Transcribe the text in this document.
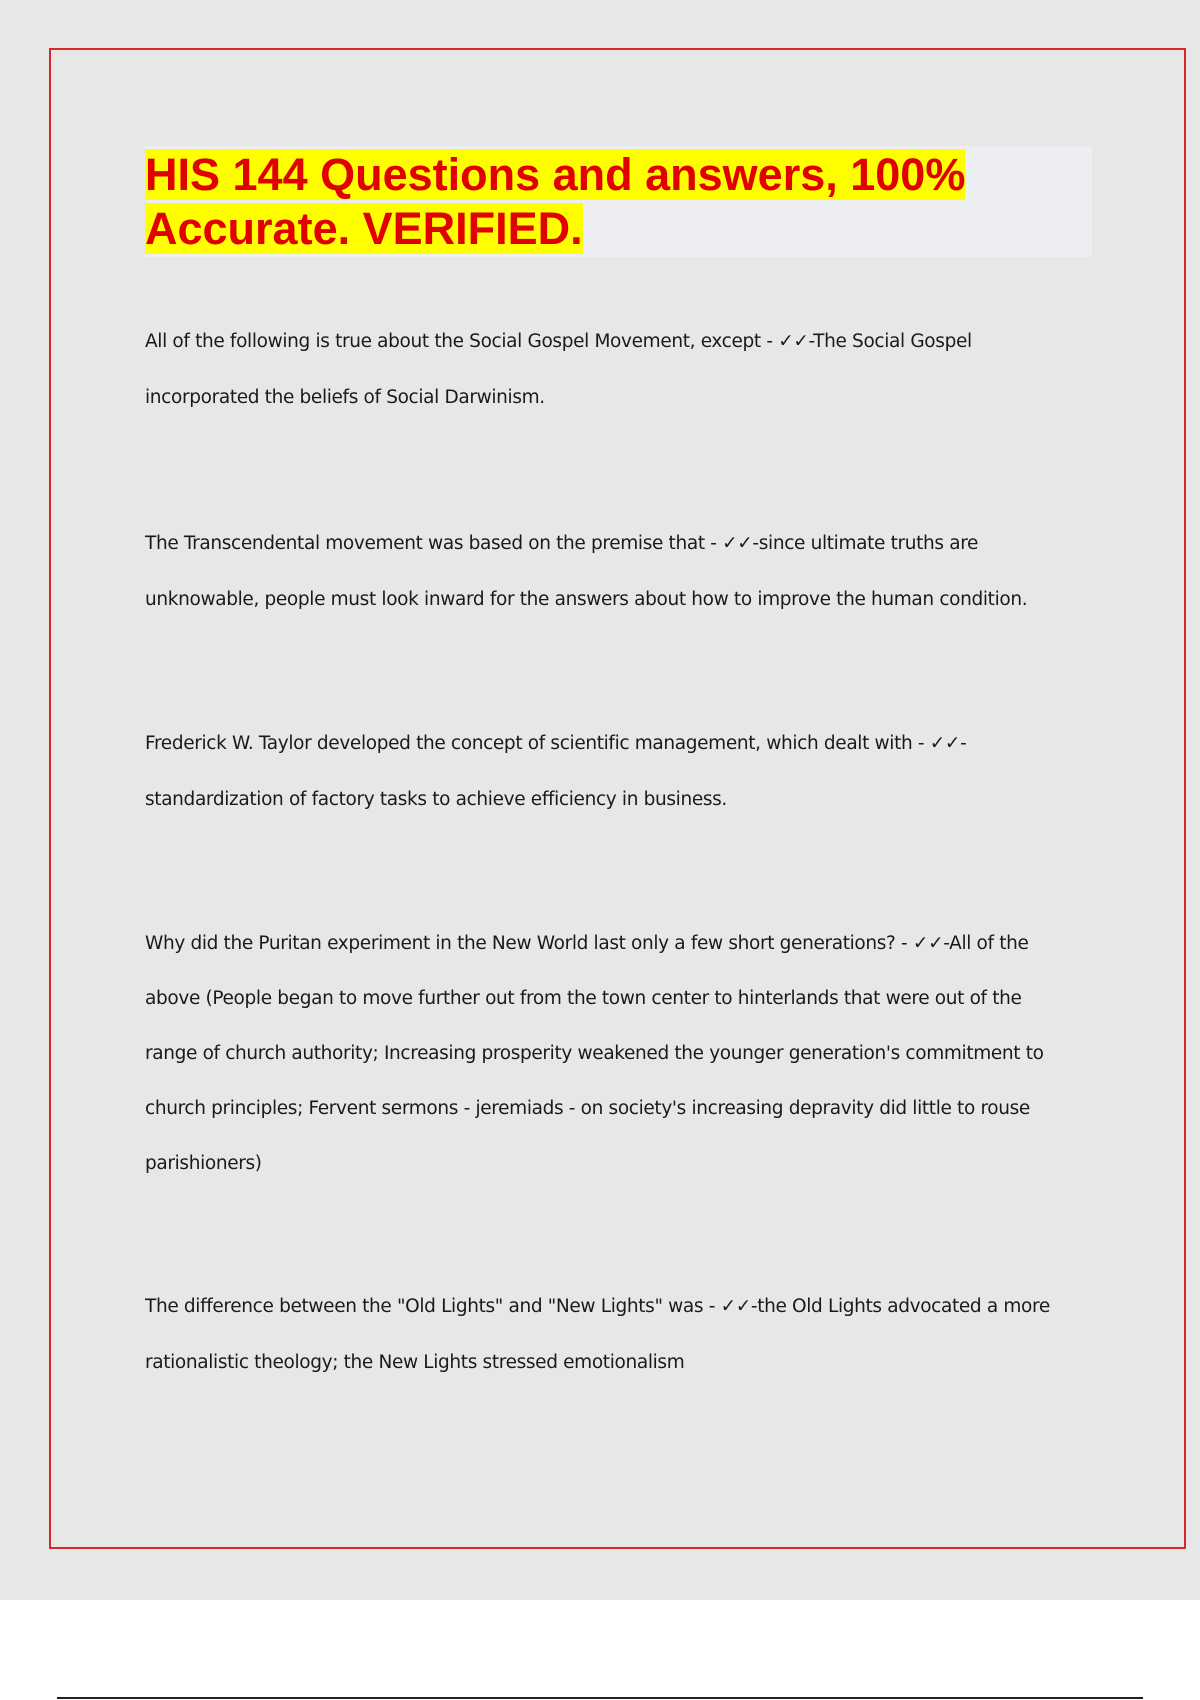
HIS 144 Questions and answers, 100% Accurate. VERIFIED.

All of the following is true about the Social Gospel Movement, except - ✓✓-The Social Gospel incorporated the beliefs of Social Darwinism.

The Transcendental movement was based on the premise that - ✓✓-since ultimate truths are unknowable, people must look inward for the answers about how to improve the human condition.

Frederick W. Taylor developed the concept of scientific management, which dealt with - ✓✓-standardization of factory tasks to achieve efficiency in business.

Why did the Puritan experiment in the New World last only a few short generations? - ✓✓-All of the above (People began to move further out from the town center to hinterlands that were out of the range of church authority; Increasing prosperity weakened the younger generation's commitment to church principles; Fervent sermons - jeremiads - on society's increasing depravity did little to rouse parishioners)

The difference between the "Old Lights" and "New Lights" was - ✓✓-the Old Lights advocated a more rationalistic theology; the New Lights stressed emotionalism
